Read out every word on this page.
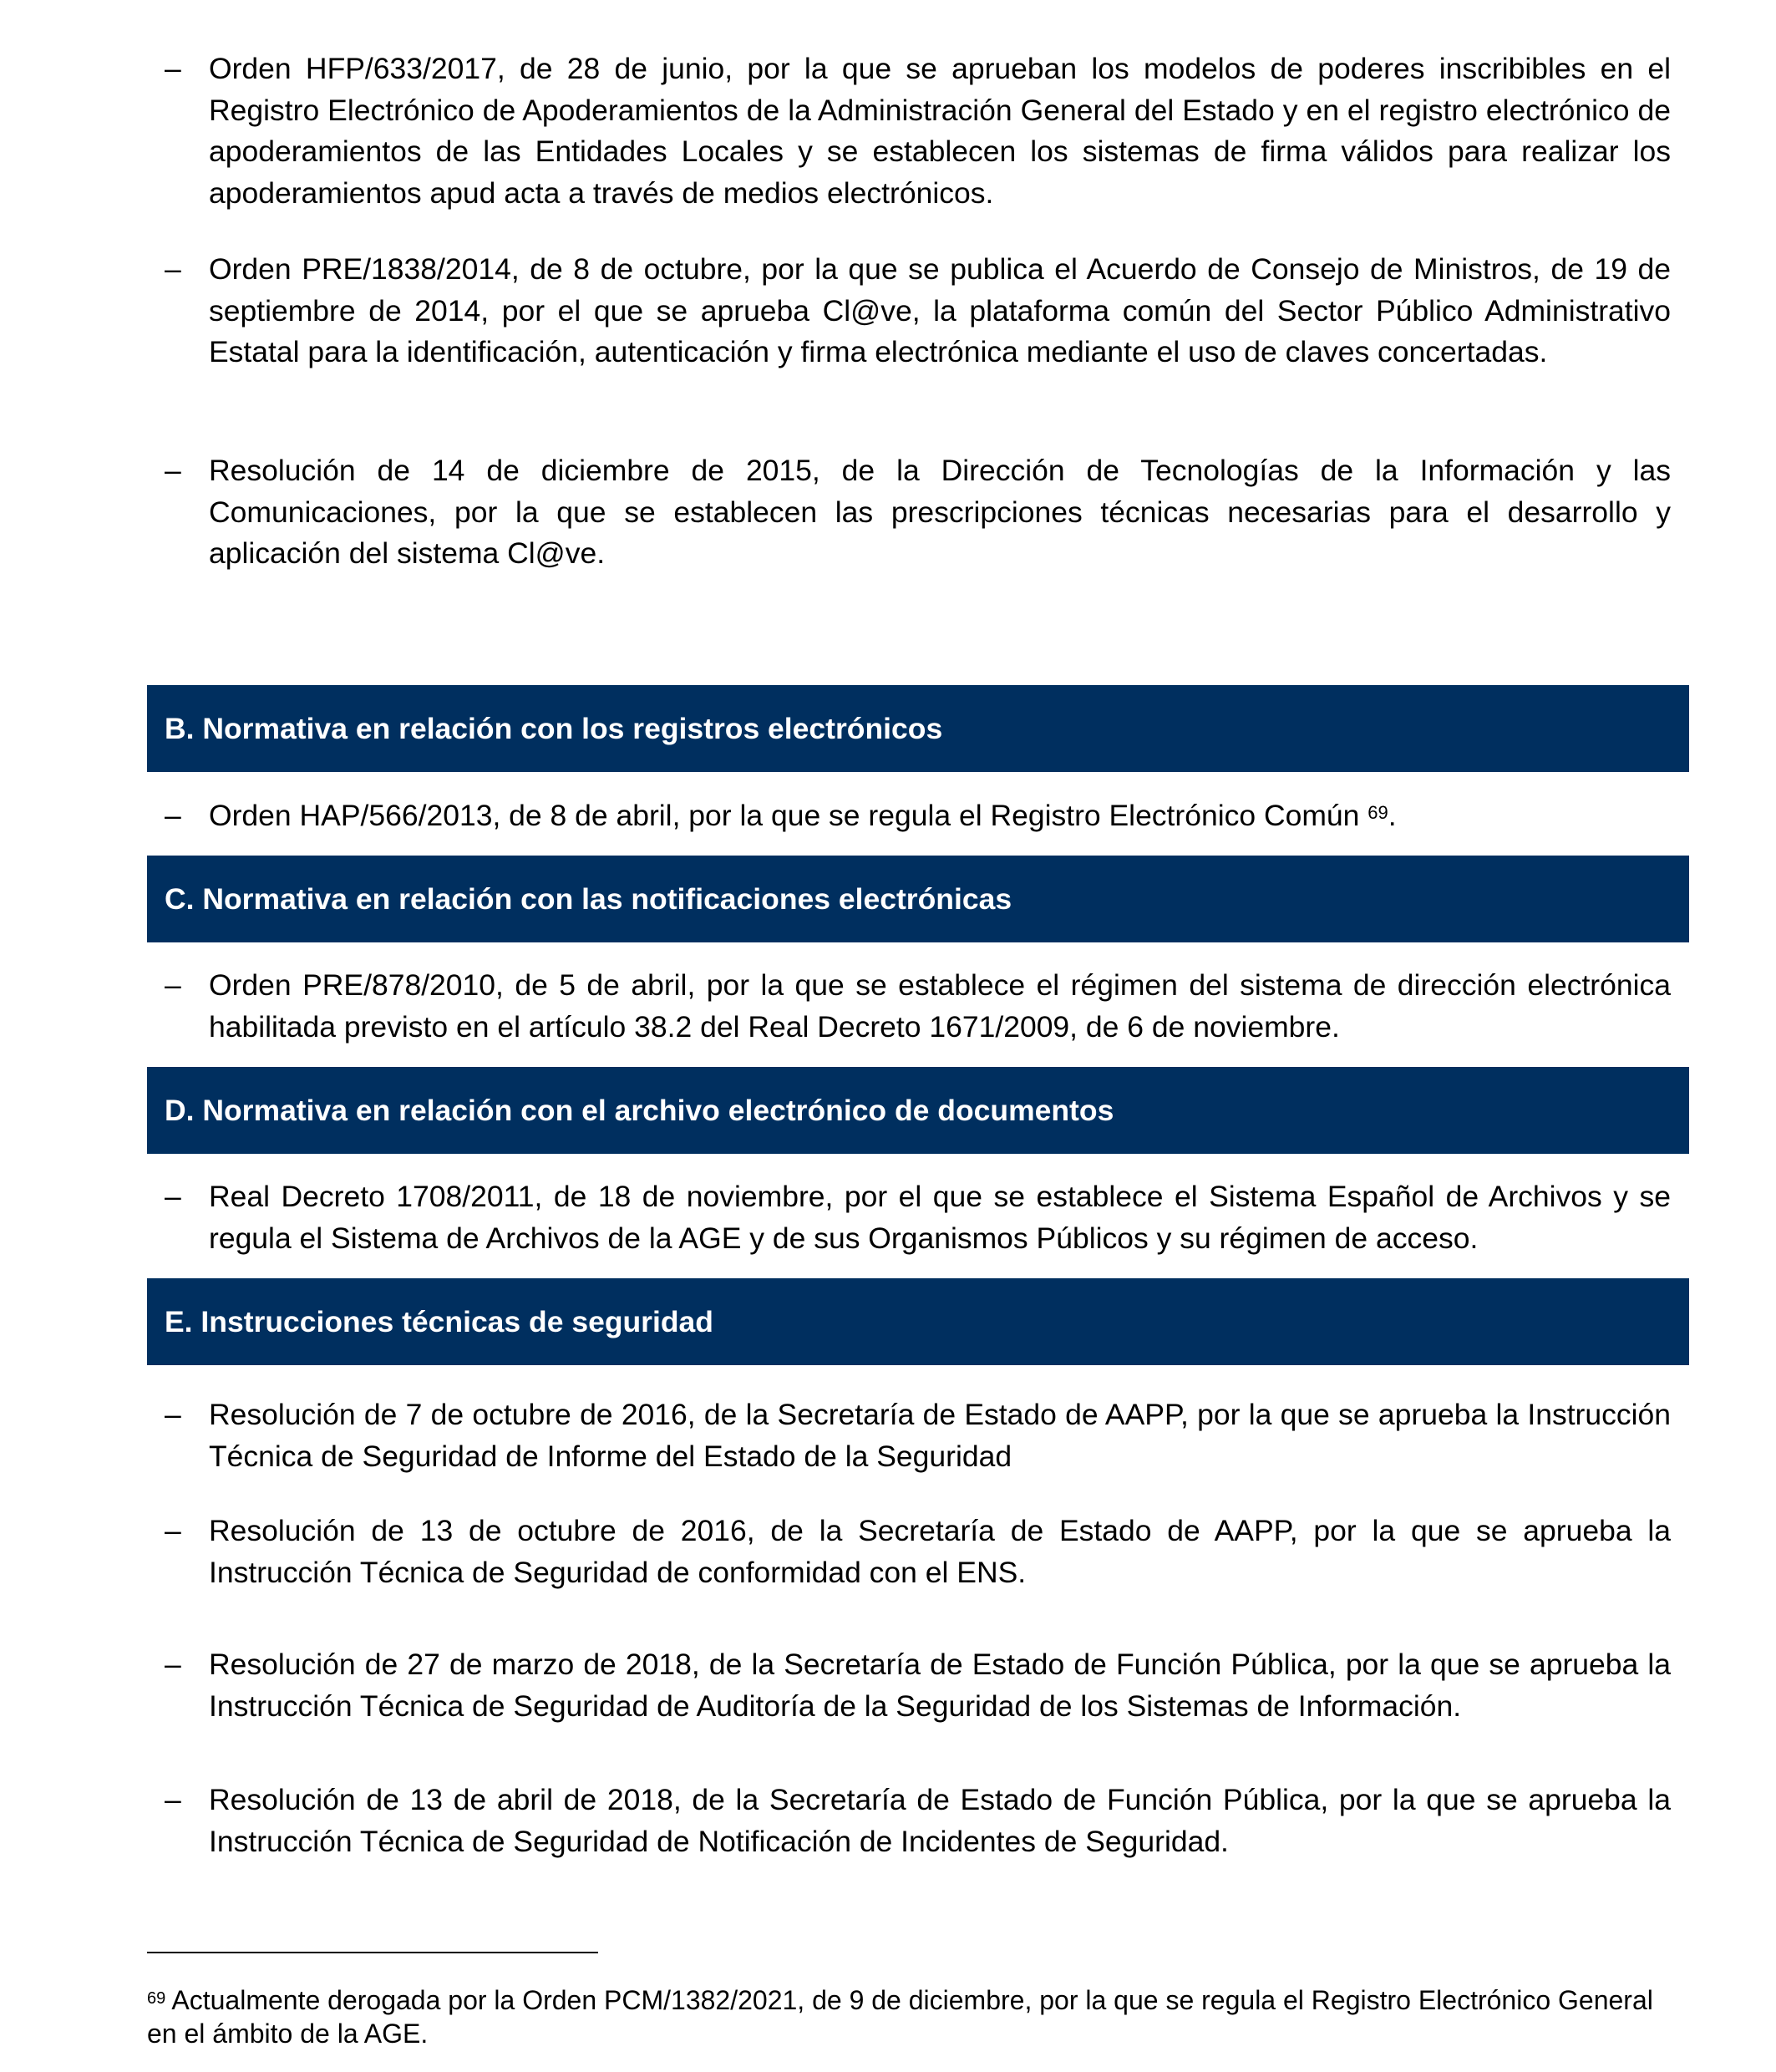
– Orden HFP/633/2017, de 28 de junio, por la que se aprueban los modelos de poderes inscribibles en el Registro Electrónico de Apoderamientos de la Administración General del Estado y en el registro electrónico de apoderamientos de las Entidades Locales y se establecen los sistemas de firma válidos para realizar los apoderamientos apud acta a través de medios electrónicos.
– Orden PRE/1838/2014, de 8 de octubre, por la que se publica el Acuerdo de Consejo de Ministros, de 19 de septiembre de 2014, por el que se aprueba Cl@ve, la plataforma común del Sector Público Administrativo Estatal para la identificación, autenticación y firma electrónica mediante el uso de claves concertadas.
– Resolución de 14 de diciembre de 2015, de la Dirección de Tecnologías de la Información y las Comunicaciones, por la que se establecen las prescripciones técnicas necesarias para el desarrollo y aplicación del sistema Cl@ve.
B. Normativa en relación con los registros electrónicos
– Orden HAP/566/2013, de 8 de abril, por la que se regula el Registro Electrónico Común $^{69}$.
C. Normativa en relación con las notificaciones electrónicas
– Orden PRE/878/2010, de 5 de abril, por la que se establece el régimen del sistema de dirección electrónica habilitada previsto en el artículo 38.2 del Real Decreto 1671/2009, de 6 de noviembre.
D. Normativa en relación con el archivo electrónico de documentos
– Real Decreto 1708/2011, de 18 de noviembre, por el que se establece el Sistema Español de Archivos y se regula el Sistema de Archivos de la AGE y de sus Organismos Públicos y su régimen de acceso.
E. Instrucciones técnicas de seguridad
– Resolución de 7 de octubre de 2016, de la Secretaría de Estado de AAPP, por la que se aprueba la Instrucción Técnica de Seguridad de Informe del Estado de la Seguridad
– Resolución de 13 de octubre de 2016, de la Secretaría de Estado de AAPP, por la que se aprueba la Instrucción Técnica de Seguridad de conformidad con el ENS.
– Resolución de 27 de marzo de 2018, de la Secretaría de Estado de Función Pública, por la que se aprueba la Instrucción Técnica de Seguridad de Auditoría de la Seguridad de los Sistemas de Información.
– Resolución de 13 de abril de 2018, de la Secretaría de Estado de Función Pública, por la que se aprueba la Instrucción Técnica de Seguridad de Notificación de Incidentes de Seguridad.
$^{69}$ Actualmente derogada por la Orden PCM/1382/2021, de 9 de diciembre, por la que se regula el Registro Electrónico General en el ámbito de la AGE.
